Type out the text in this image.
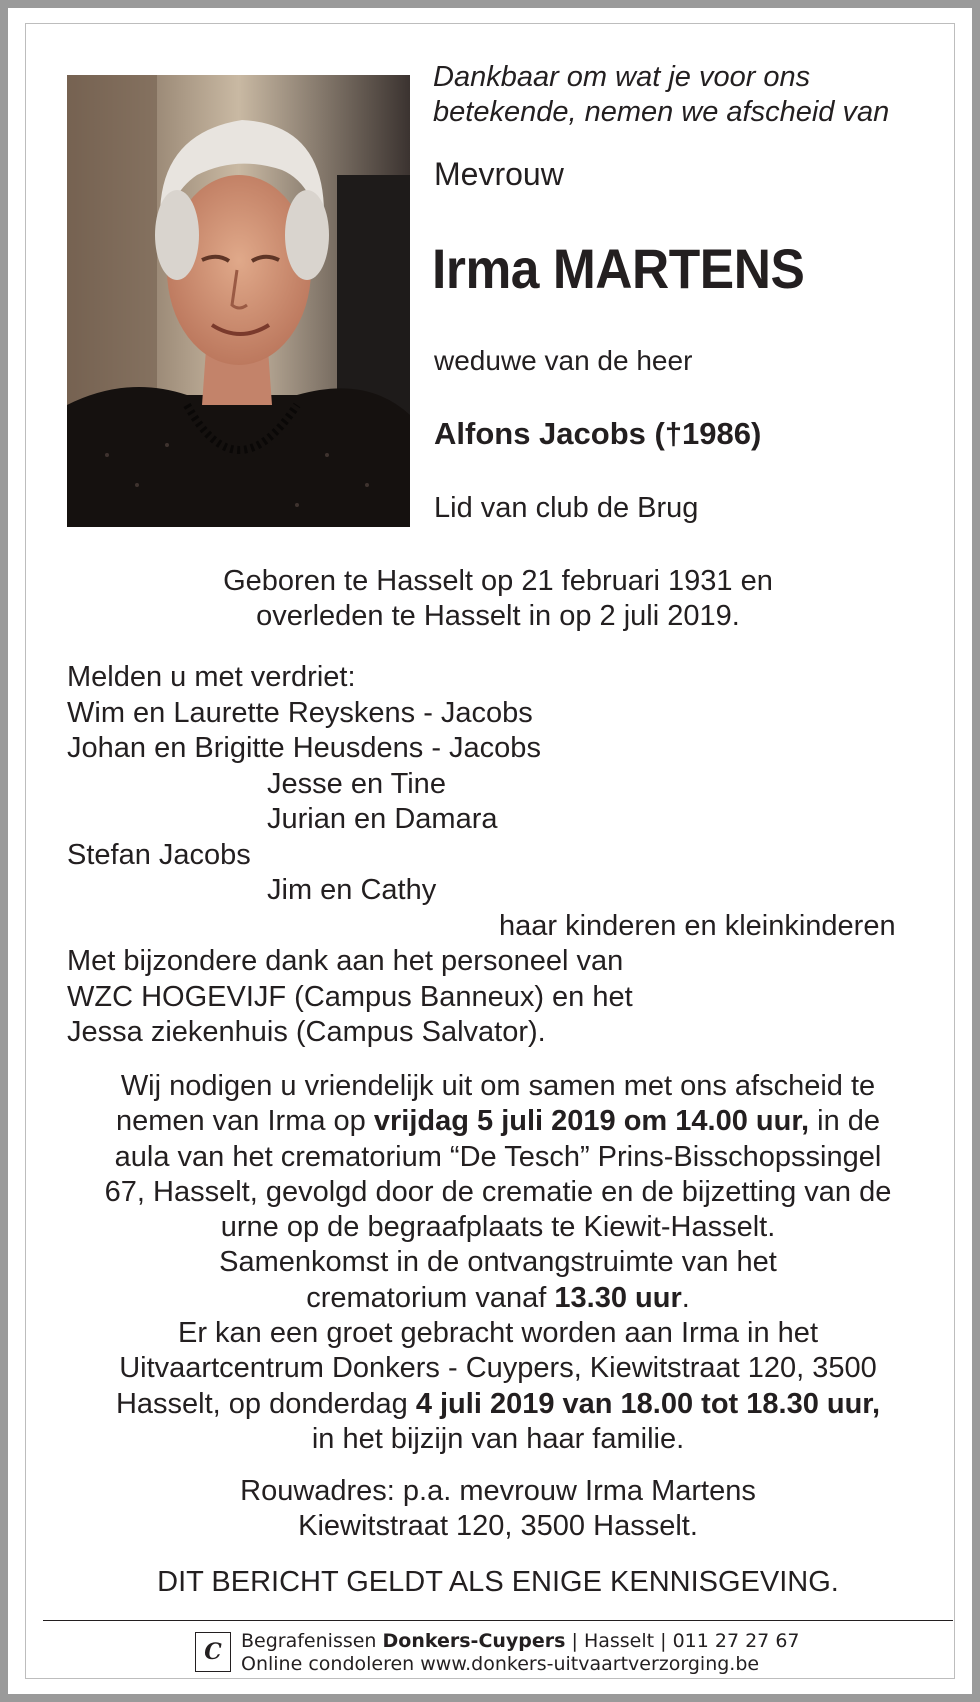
Dankbaar om wat je voor ons
betekende, nemen we afscheid van
Mevrouw
Irma MARTENS
weduwe van de heer
Alfons Jacobs (†1986)
Lid van club de Brug
Geboren te Hasselt op 21 februari 1931 en
overleden te Hasselt in op 2 juli 2019.
Melden u met verdriet:
Wim en Laurette Reyskens - Jacobs
Johan en Brigitte Heusdens - Jacobs
Jesse en Tine
Jurian en Damara
Stefan Jacobs
Jim en Cathy
haar kinderen en kleinkinderen
Met bijzondere dank aan het personeel van
WZC HOGEVIJF (Campus Banneux) en het
Jessa ziekenhuis (Campus Salvator).
Wij nodigen u vriendelijk uit om samen met ons afscheid te
nemen van Irma op vrijdag 5 juli 2019 om 14.00 uur, in de
aula van het crematorium “De Tesch” Prins-Bisschopssingel
67, Hasselt, gevolgd door de crematie en de bijzetting van de
urne op de begraafplaats te Kiewit-Hasselt.
Samenkomst in de ontvangstruimte van het
crematorium vanaf 13.30 uur.
Er kan een groet gebracht worden aan Irma in het
Uitvaartcentrum Donkers - Cuypers, Kiewitstraat 120, 3500
Hasselt, op donderdag 4 juli 2019 van 18.00 tot 18.30 uur,
in het bijzijn van haar familie.
Rouwadres: p.a. mevrouw Irma Martens
Kiewitstraat 120, 3500 Hasselt.
DIT BERICHT GELDT ALS ENIGE KENNISGEVING.
C	Begrafenissen Donkers-Cuypers | Hasselt | 011 27 27 67
Online condoleren www.donkers-uitvaartverzorging.be
